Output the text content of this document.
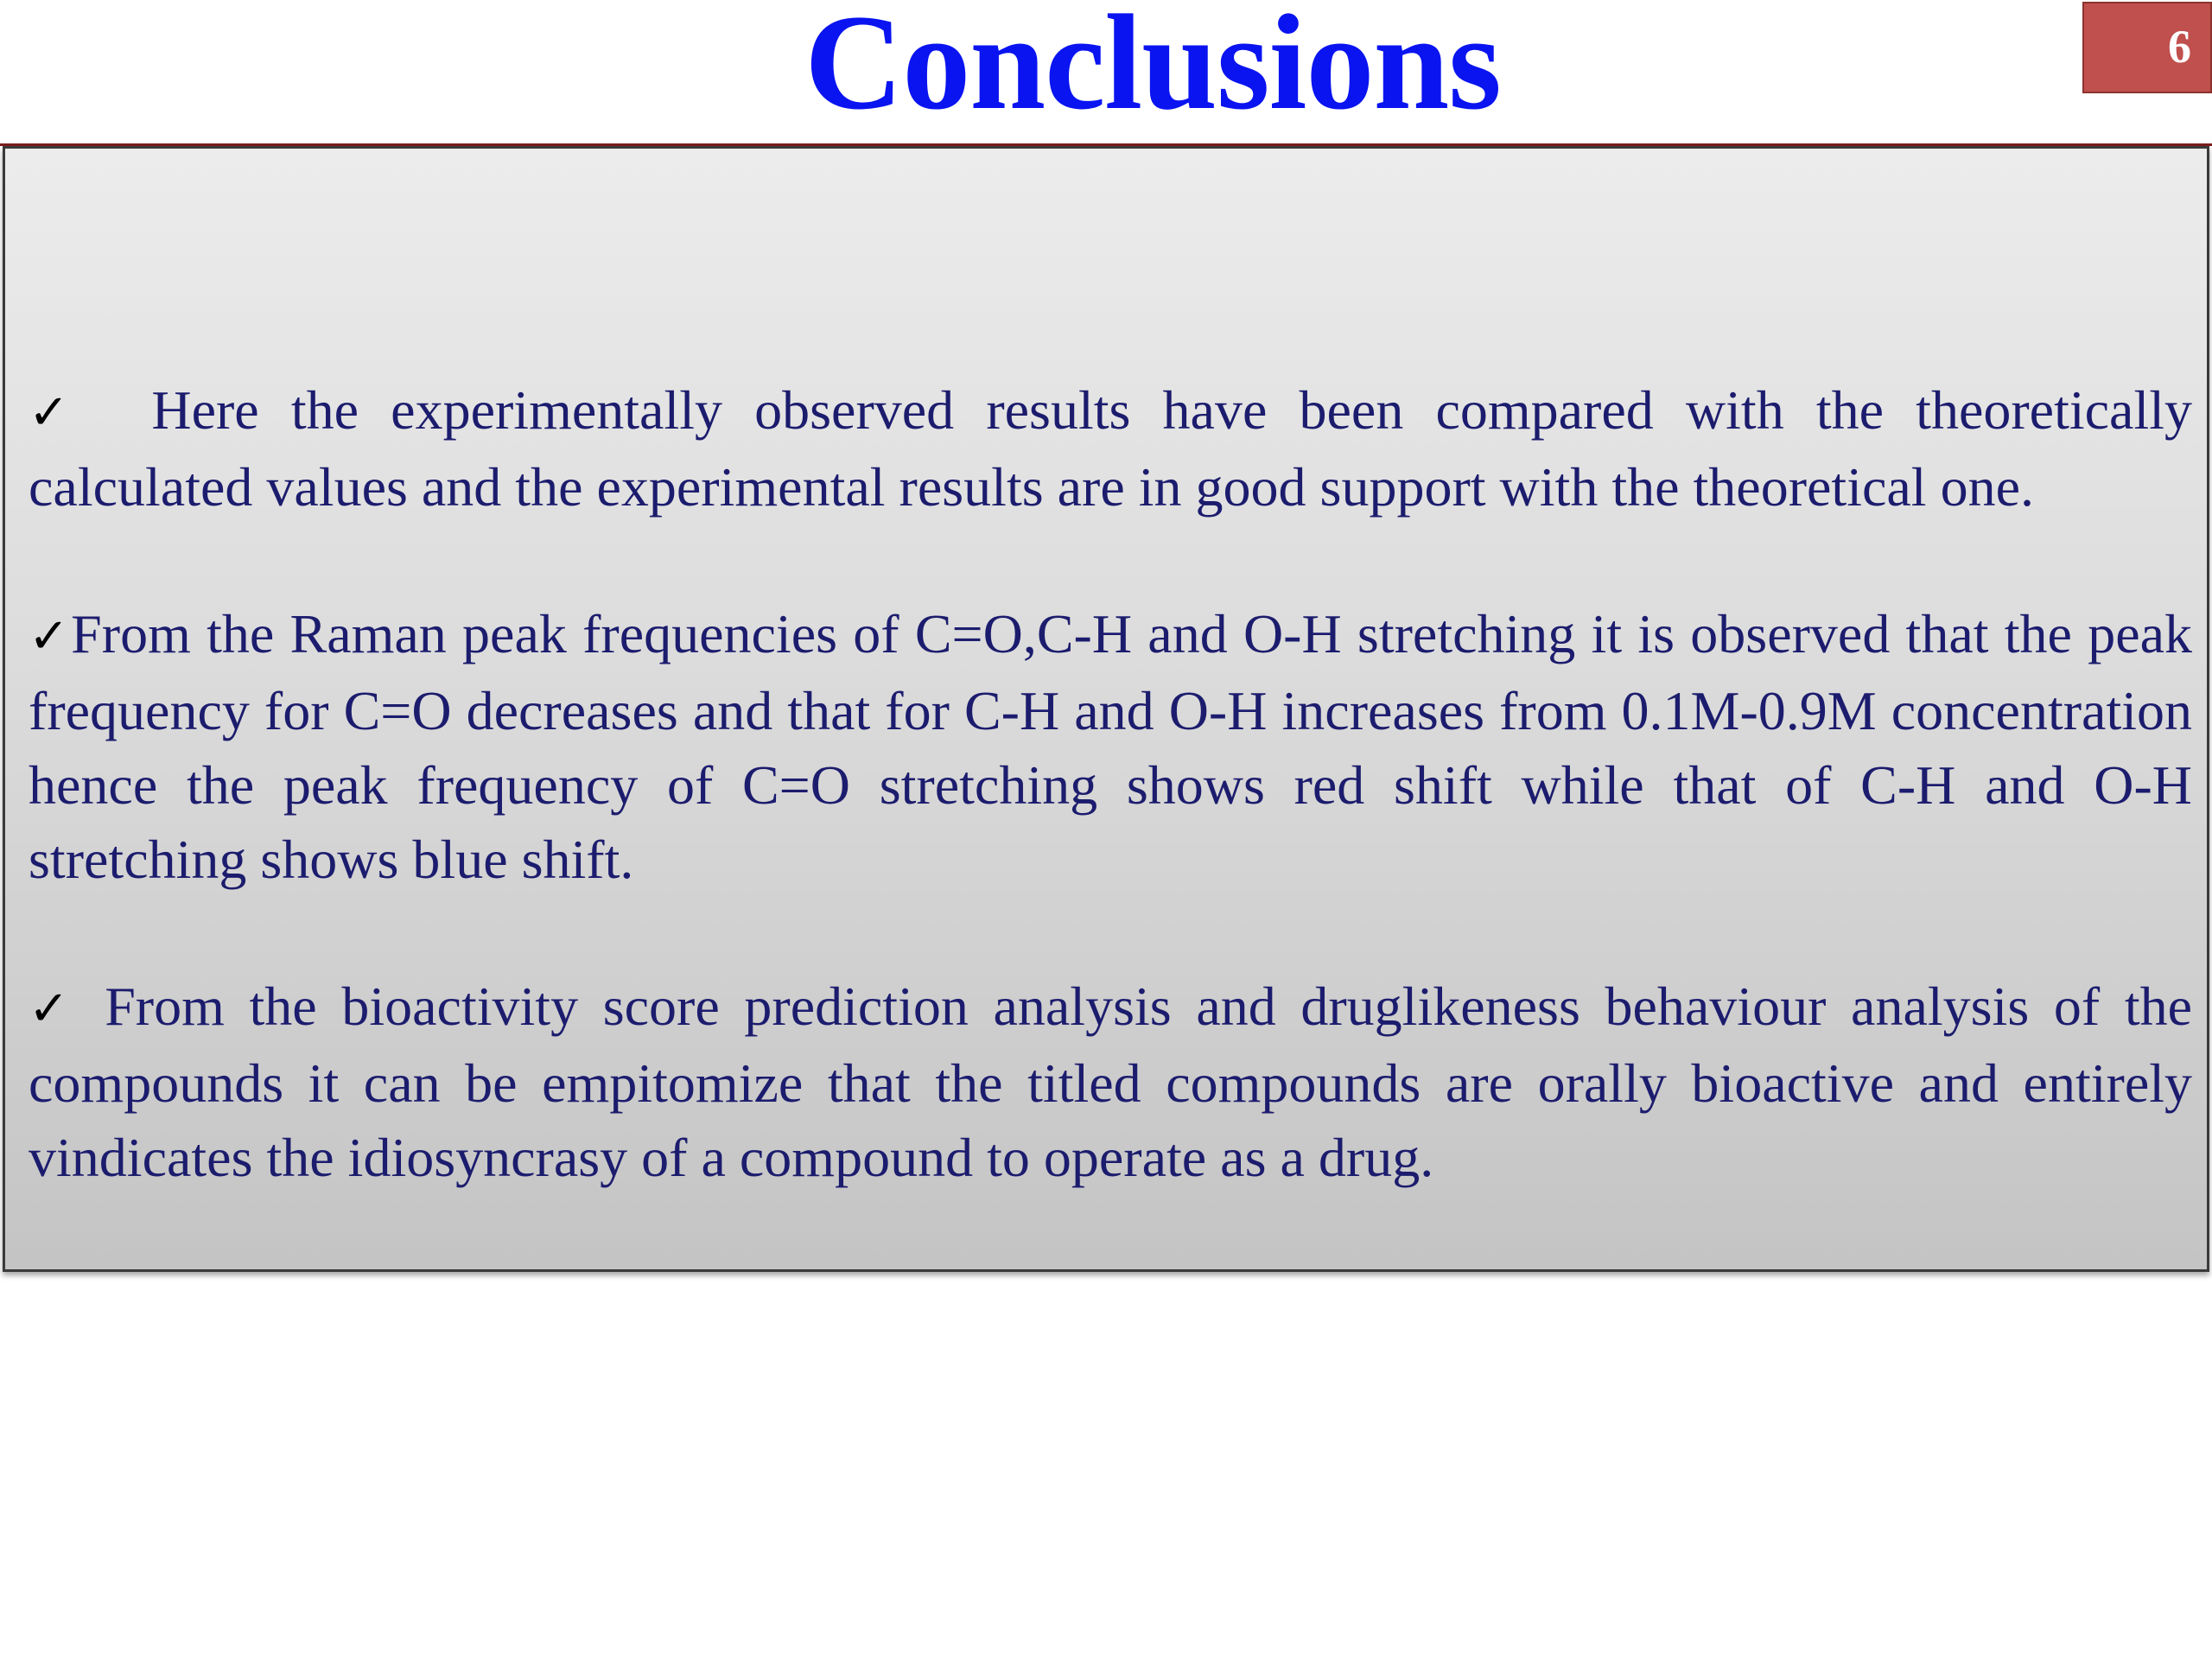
Conclusions	6

✓ Here the experimentally observed results have been compared with the theoretically calculated values and the experimental results are in good support with the theoretical one.

✓From the Raman peak frequencies of C=O,C-H and O-H stretching it is observed that the peak frequency for C=O decreases and that for C-H and O-H increases from 0.1M-0.9M concentration hence the peak frequency of C=O stretching shows red shift while that of C-H and O-H stretching shows blue shift.

✓ From the bioactivity score prediction analysis and druglikeness behaviour analysis of the compounds it can be empitomize that the titled compounds are orally bioactive and entirely vindicates the idiosyncrasy of a compound to operate as a drug.
